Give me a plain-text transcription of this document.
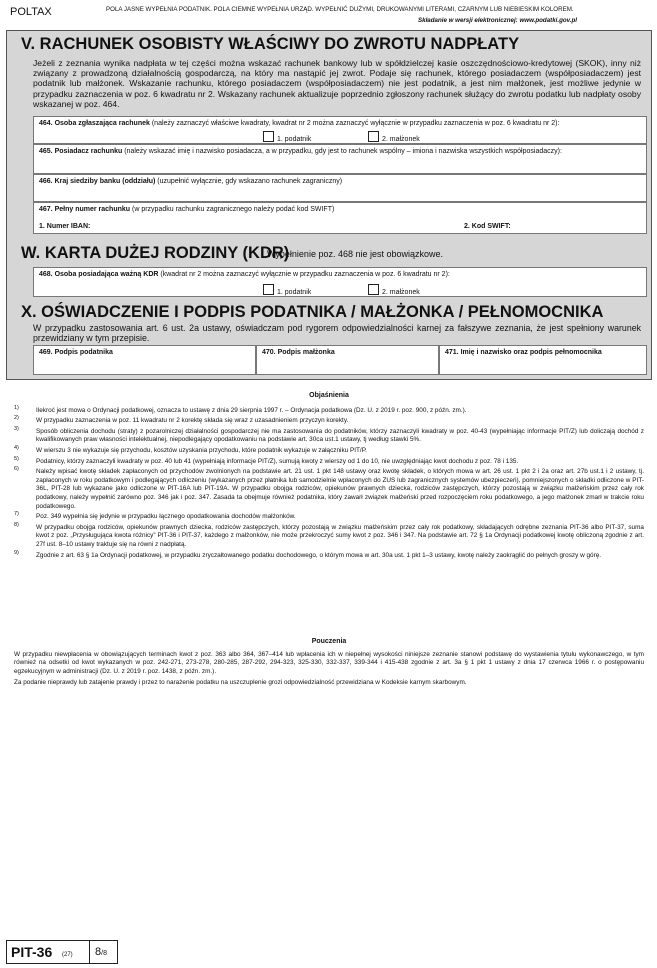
POLTAX	POLA JASNE WYPEŁNIA PODATNIK. POLA CIEMNE WYPEŁNIA URZĄD. WYPEŁNIĆ DUŻYMI, DRUKOWANYMI LITERAMI, CZARNYM LUB NIEBIESKIM KOLOREM.
Składanie w wersji elektronicznej: www.podatki.gov.pl
V. RACHUNEK OSOBISTY WŁAŚCIWY DO ZWROTU NADPŁATY
Jeżeli z zeznania wynika nadpłata w tej części można wskazać rachunek bankowy lub w spółdzielczej kasie oszczędnościowo-kredytowej (SKOK), inny niż związany z prowadzoną działalnością gospodarczą, na który ma nastąpić jej zwrot. Podaje się rachunek, którego posiadaczem (współposiadaczem) jest podatnik lub małżonek. Wskazanie rachunku, którego posiadaczem (współposiadaczem) nie jest podatnik, a jest nim małżonek, jest możliwe jedynie w przypadku zaznaczenia w poz. 6 kwadratu nr 2. Wskazany rachunek aktualizuje poprzednio zgłoszony rachunek służący do zwrotu podatku lub nadpłaty osoby wskazanej w poz. 464.
464. Osoba zgłaszająca rachunek (należy zaznaczyć właściwe kwadraty, kwadrat nr 2 można zaznaczyć wyłącznie w przypadku zaznaczenia w poz. 6 kwadratu nr 2):
1. podatnik	2. małżonek
465. Posiadacz rachunku (należy wskazać imię i nazwisko posiadacza, a w przypadku, gdy jest to rachunek wspólny – imiona i nazwiska wszystkich współposiadaczy):
466. Kraj siedziby banku (oddziału) (uzupełnić wyłącznie, gdy wskazano rachunek zagraniczny)
467. Pełny numer rachunku (w przypadku rachunku zagranicznego należy podać kod SWIFT)
1. Numer IBAN:	2. Kod SWIFT:
W. KARTA DUŻEJ RODZINY (KDR)
Wypełnienie poz. 468 nie jest obowiązkowe.
468. Osoba posiadająca ważną KDR (kwadrat nr 2 można zaznaczyć wyłącznie w przypadku zaznaczenia w poz. 6 kwadratu nr 2):
1. podatnik	2. małżonek
X. OŚWIADCZENIE I PODPIS PODATNIKA / MAŁŻONKA / PEŁNOMOCNIKA
W przypadku zastosowania art. 6 ust. 2a ustawy, oświadczam pod rygorem odpowiedzialności karnej za fałszywe zeznania, że jest spełniony warunek przewidziany w tym przepisie.
469. Podpis podatnika	470. Podpis małżonka	471. Imię i nazwisko oraz podpis pełnomocnika
Objaśnienia
1)	Ilekroć jest mowa o Ordynacji podatkowej, oznacza to ustawę z dnia 29 sierpnia 1997 r. – Ordynacja podatkowa (Dz. U. z 2019 r. poz. 900, z późn. zm.).
2)	W przypadku zaznaczenia w poz. 11 kwadratu nr 2 korektę składa się wraz z uzasadnieniem przyczyn korekty.
3)	Sposób obliczenia dochodu (straty) z pozarolniczej działalności gospodarczej nie ma zastosowania do podatników, którzy zaznaczyli kwadraty w poz. 40-43 (wypełniając informacje PIT/Z) lub doliczają dochód z kwalifikowanych praw własności intelektualnej, niepodlegający opodatkowaniu na podstawie art. 30ca ust.1 ustawy, tj według stawki 5%.
4)	W wierszu 3 nie wykazuje się przychodu, kosztów uzyskania przychodu, które podatnik wykazuje w załączniku PIT/P.
5)	Podatnicy, którzy zaznaczyli kwadraty w poz. 40 lub 41 (wypełniają informacje PIT/Z), sumują kwoty z wierszy od 1 do 10, nie uwzględniając kwot dochodu z poz. 78 i 135.
6)	Należy wpisać kwotę składek zapłaconych od przychodów zwolnionych na podstawie art. 21 ust. 1 pkt 148 ustawy oraz kwotę składek, o których mowa w art. 26 ust. 1 pkt 2 i 2a oraz art. 27b ust.1 i 2 ustawy, tj. zapłaconych w roku podatkowym i podlegających odliczeniu (wykazanych przez płatnika lub samodzielnie wpłaconych do ZUS lub zagranicznych systemów ubezpieczeń), pomniejszonych o składki odliczone w PIT-36L, PIT-28 lub wykazane jako odliczone w PIT-16A lub PIT-19A. W przypadku obojga rodziców, opiekunów prawnych dziecka, rodziców zastępczych, którzy pozostają w związku małżeńskim przez cały rok podatkowy, należy wypełnić zarówno poz. 346 jak i poz. 347. Zasada ta obejmuje również podatnika, który zawarł związek małżeński przed rozpoczęciem roku podatkowego, a jego małżonek zmarł w trakcie roku podatkowego.
7)	Poz. 349 wypełnia się jedynie w przypadku łącznego opodatkowania dochodów małżonków.
8)	W przypadku obojga rodziców, opiekunów prawnych dziecka, rodziców zastępczych, którzy pozostają w związku małżeńskim przez cały rok podatkowy, składających odrębne zeznania PIT-36 albo PIT-37, suma kwot z poz. „Przysługująca kwota różnicy” PIT-36 i PIT-37, każdego z małżonków, nie może przekroczyć sumy kwot z poz. 346 i 347. Na podstawie art. 72 § 1a Ordynacji podatkowej kwotę obliczoną zgodnie z art. 27f ust. 8–10 ustawy traktuje się na równi z nadpłatą.
9)	Zgodnie z art. 63 § 1a Ordynacji podatkowej, w przypadku zryczałtowanego podatku dochodowego, o którym mowa w art. 30a ust. 1 pkt 1–3 ustawy, kwotę należy zaokrąglić do pełnych groszy w górę.
Pouczenia

W przypadku niewpłacenia w obowiązujących terminach kwot z poz. 363 albo 364, 367–414 lub wpłacenia ich w niepełnej wysokości niniejsze zeznanie stanowi podstawę do wystawienia tytułu wykonawczego, w tym również na odsetki od kwot wykazanych w poz. 242-271, 273-278, 280-285, 287-292, 294-323, 325-330, 332-337, 339-344 i 415-438 zgodnie z art. 3a § 1 pkt 1 ustawy z dnia 17 czerwca 1966 r. o postępowaniu egzekucyjnym w administracji (Dz. U. z 2019 r. poz. 1438, z późn. zm.).

Za podanie nieprawdy lub zatajenie prawdy i przez to narażenie podatku na uszczuplenie grozi odpowiedzialność przewidziana w Kodeksie karnym skarbowym.

PIT-36 (27) 8/8
